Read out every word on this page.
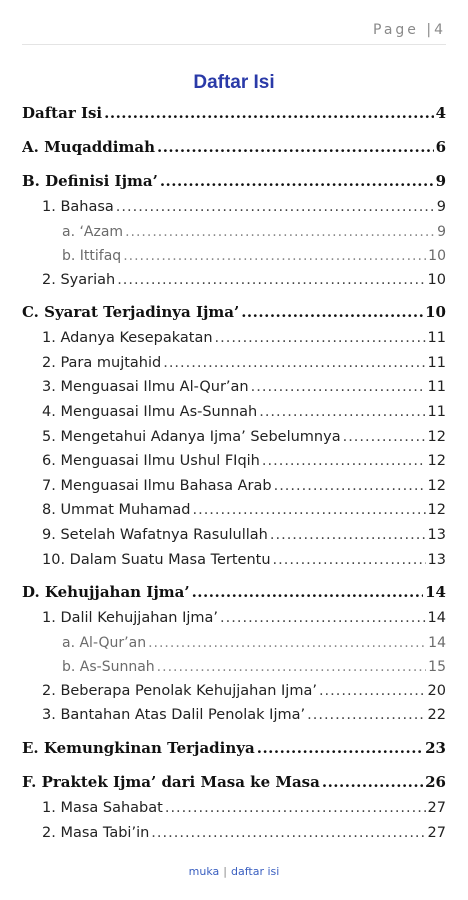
Page |4
Daftar Isi
Daftar Isi .....	4
A. Muqaddimah .....	6
B. Definisi Ijma’ .....	9
1. Bahasa .....	9
a. ‘Azam .....	9
b. Ittifaq .....	10
2. Syariah .....	10
C. Syarat Terjadinya Ijma’ .....	10
1. Adanya Kesepakatan .....	11
2. Para mujtahid .....	11
3. Menguasai Ilmu Al-Qur’an .....	11
4. Menguasai Ilmu As-Sunnah .....	11
5. Mengetahui Adanya Ijma’ Sebelumnya .....	12
6. Menguasai Ilmu Ushul FIqih .....	12
7. Menguasai Ilmu Bahasa Arab .....	12
8. Ummat Muhamad .....	12
9. Setelah Wafatnya Rasulullah .....	13
10. Dalam Suatu Masa Tertentu .....	13
D. Kehujjahan Ijma’ .....	14
1. Dalil Kehujjahan Ijma’ .....	14
a. Al-Qur’an .....	14
b. As-Sunnah .....	15
2. Beberapa Penolak Kehujjahan Ijma’ .....	20
3. Bantahan Atas Dalil Penolak Ijma’ .....	22
E. Kemungkinan Terjadinya .....	23
F. Praktek Ijma’ dari Masa ke Masa .....	26
1. Masa Sahabat .....	27
2. Masa Tabi’in .....	27
muka | daftar isi
